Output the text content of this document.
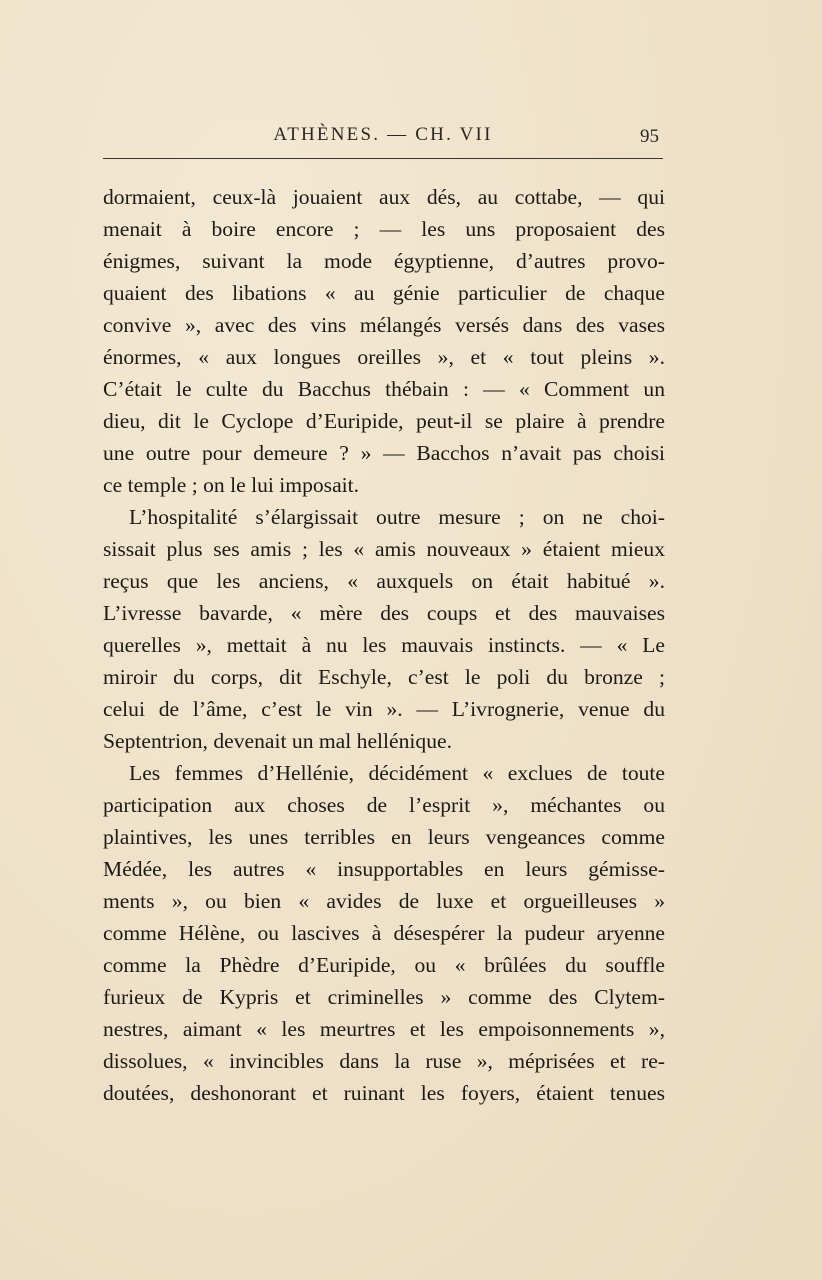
ATHÈNES. — CH. VII	95
dormaient, ceux-là jouaient aux dés, au cottabe, — qui
menait à boire encore ; — les uns proposaient des
énigmes, suivant la mode égyptienne, d’autres provo-
quaient des libations « au génie particulier de chaque
convive », avec des vins mélangés versés dans des vases
énormes, « aux longues oreilles », et « tout pleins ».
C’était le culte du Bacchus thébain : — « Comment un
dieu, dit le Cyclope d’Euripide, peut-il se plaire à prendre
une outre pour demeure ? » — Bacchos n’avait pas choisi
ce temple ; on le lui imposait.
L’hospitalité s’élargissait outre mesure ; on ne choi-
sissait plus ses amis ; les « amis nouveaux » étaient mieux
reçus que les anciens, « auxquels on était habitué ».
L’ivresse bavarde, « mère des coups et des mauvaises
querelles », mettait à nu les mauvais instincts. — « Le
miroir du corps, dit Eschyle, c’est le poli du bronze ;
celui de l’âme, c’est le vin ». — L’ivrognerie, venue du
Septentrion, devenait un mal hellénique.
Les femmes d’Hellénie, décidément « exclues de toute
participation aux choses de l’esprit », méchantes ou
plaintives, les unes terribles en leurs vengeances comme
Médée, les autres « insupportables en leurs gémisse-
ments », ou bien « avides de luxe et orgueilleuses »
comme Hélène, ou lascives à désespérer la pudeur aryenne
comme la Phèdre d’Euripide, ou « brûlées du souffle
furieux de Kypris et criminelles » comme des Clytem-
nestres, aimant « les meurtres et les empoisonnements »,
dissolues, « invincibles dans la ruse », méprisées et re-
doutées, deshonorant et ruinant les foyers, étaient tenues
